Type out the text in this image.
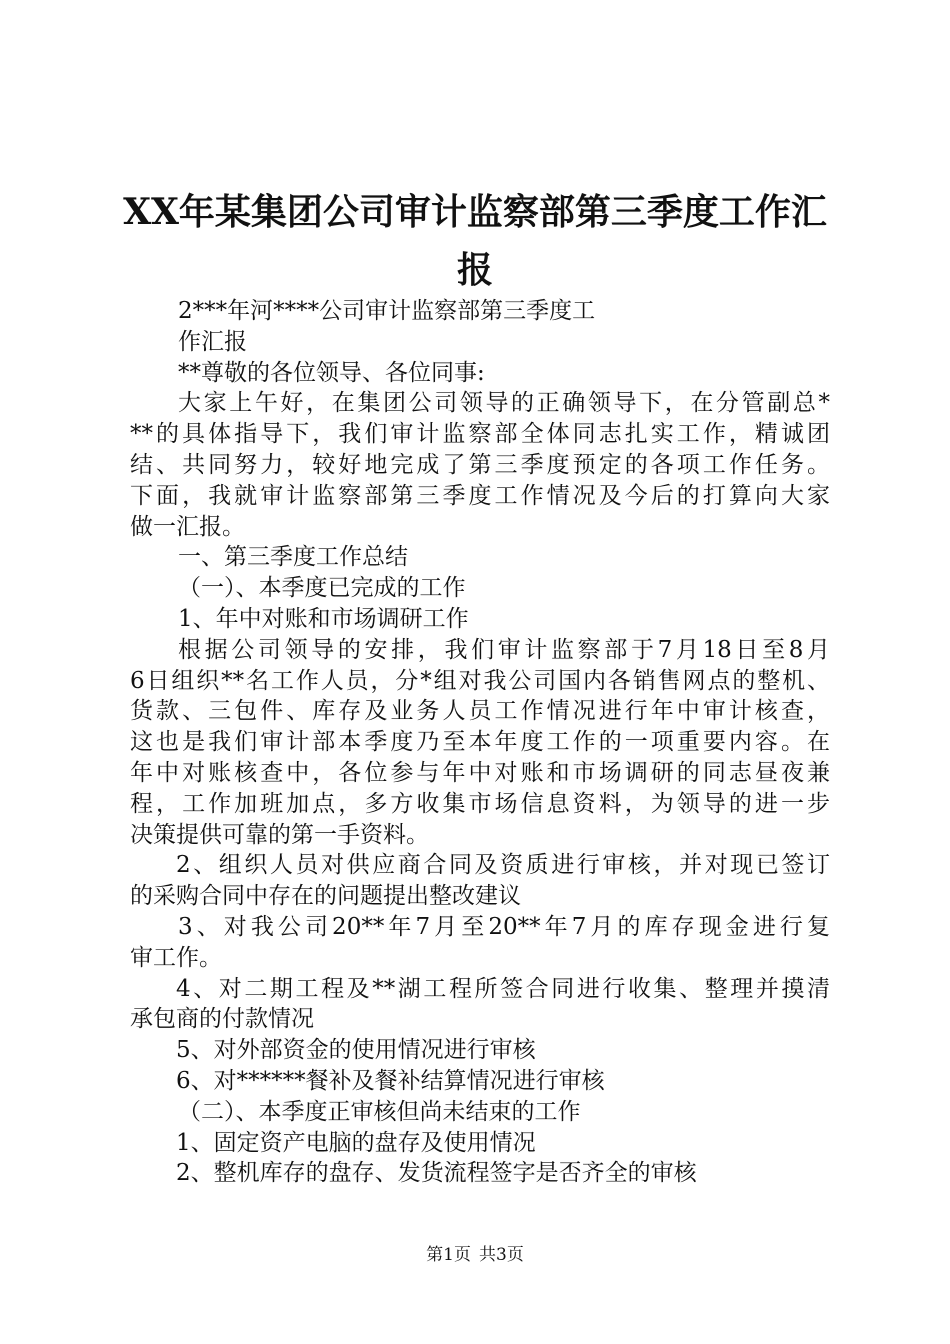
XX年某集团公司审计监察部第三季度工作汇
报
2***年河****公司审计监察部第三季度工
作汇报
**尊敬的各位领导、各位同事:
大家上午好，在集团公司领导的正确领导下，在分管副总*
**的具体指导下，我们审计监察部全体同志扎实工作，精诚团
结、共同努力，较好地完成了第三季度预定的各项工作任务。
下面，我就审计监察部第三季度工作情况及今后的打算向大家
做一汇报。
一、第三季度工作总结
（一）、本季度已完成的工作
1、年中对账和市场调研工作
根据公司领导的安排，我们审计监察部于7月18日至8月
6日组织**名工作人员，分*组对我公司国内各销售网点的整机、
货款、三包件、库存及业务人员工作情况进行年中审计核查，
这也是我们审计部本季度乃至本年度工作的一项重要内容。在
年中对账核查中，各位参与年中对账和市场调研的同志昼夜兼
程，工作加班加点，多方收集市场信息资料，为领导的进一步
决策提供可靠的第一手资料。
2、组织人员对供应商合同及资质进行审核，并对现已签订
的采购合同中存在的问题提出整改建议
3、对我公司20**年7月至20**年7月的库存现金进行复
审工作。
4、对二期工程及**湖工程所签合同进行收集、整理并摸清
承包商的付款情况
5、对外部资金的使用情况进行审核
6、对******餐补及餐补结算情况进行审核
（二）、本季度正审核但尚未结束的工作
1、固定资产电脑的盘存及使用情况
2、整机库存的盘存、发货流程签字是否齐全的审核
第1页 共3页
